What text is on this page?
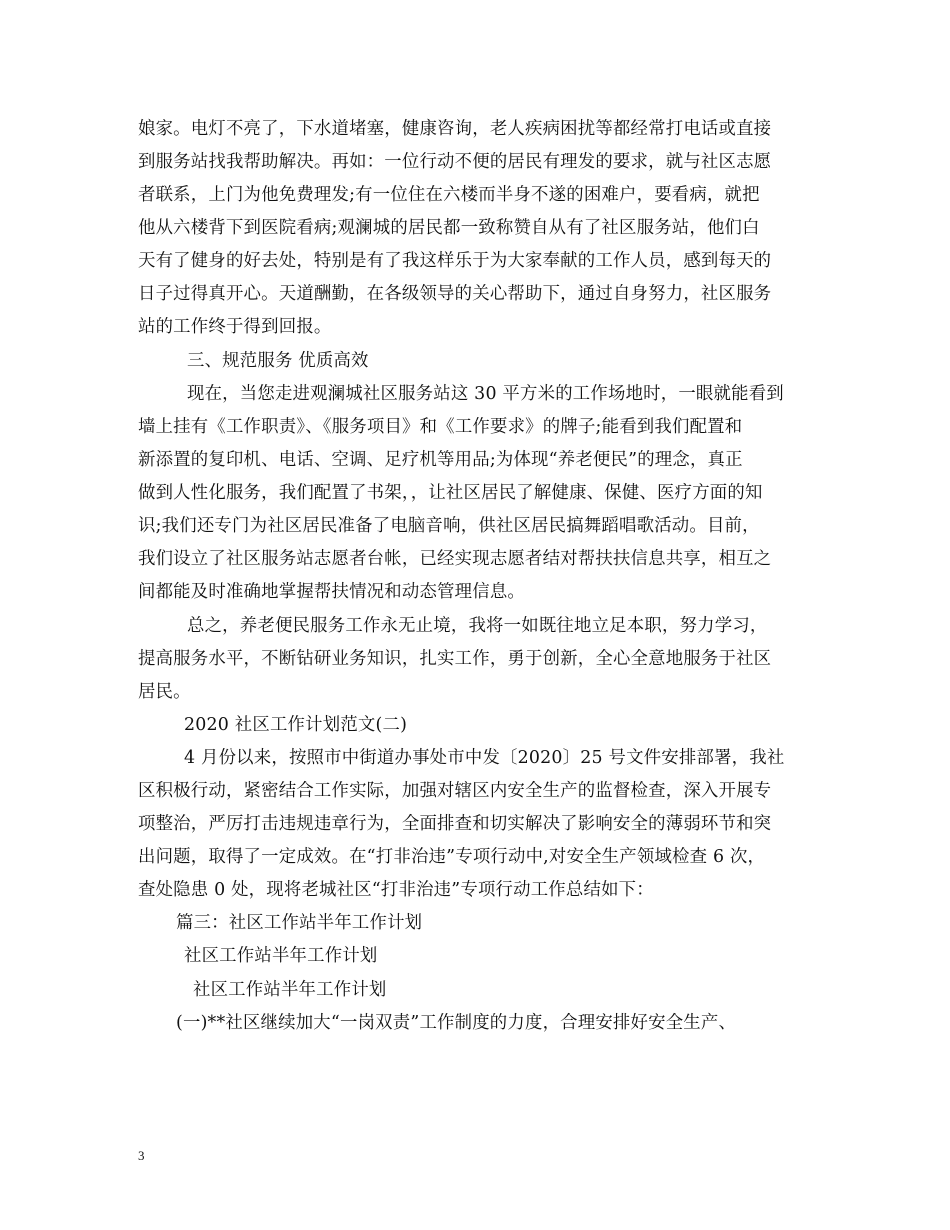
娘家。电灯不亮了，下水道堵塞，健康咨询，老人疾病困扰等都经常打电话或直接
到服务站找我帮助解决。再如：一位行动不便的居民有理发的要求，就与社区志愿
者联系，上门为他免费理发;有一位住在六楼而半身不遂的困难户，要看病，就把
他从六楼背下到医院看病;观澜城的居民都一致称赞自从有了社区服务站，他们白
天有了健身的好去处，特别是有了我这样乐于为大家奉献的工作人员，感到每天的
日子过得真开心。天道酬勤，在各级领导的关心帮助下，通过自身努力，社区服务
站的工作终于得到回报。
三、规范服务 优质高效
现在，当您走进观澜城社区服务站这 30 平方米的工作场地时，一眼就能看到
墙上挂有《工作职责》、《服务项目》和《工作要求》的牌子;能看到我们配置和
新添置的复印机、电话、空调、足疗机等用品;为体现“养老便民”的理念，真正
做到人性化服务，我们配置了书架，，让社区居民了解健康、保健、医疗方面的知
识;我们还专门为社区居民准备了电脑音响，供社区居民搞舞蹈唱歌活动。目前，
我们设立了社区服务站志愿者台帐，已经实现志愿者结对帮扶扶信息共享，相互之
间都能及时准确地掌握帮扶情况和动态管理信息。
总之，养老便民服务工作永无止境，我将一如既往地立足本职，努力学习，
提高服务水平，不断钻研业务知识，扎实工作，勇于创新，全心全意地服务于社区
居民。
2020 社区工作计划范文(二)
4 月份以来，按照市中街道办事处市中发〔2020〕25 号文件安排部署，我社
区积极行动，紧密结合工作实际，加强对辖区内安全生产的监督检查，深入开展专
项整治，严厉打击违规违章行为，全面排查和切实解决了影响安全的薄弱环节和突
出问题，取得了一定成效。在“打非治违”专项行动中,对安全生产领域检查 6 次，
查处隐患 0 处，现将老城社区“打非治违”专项行动工作总结如下：
篇三：社区工作站半年工作计划
社区工作站半年工作计划
社区工作站半年工作计划
(一)**社区继续加大“一岗双责”工作制度的力度，合理安排好安全生产、
3
